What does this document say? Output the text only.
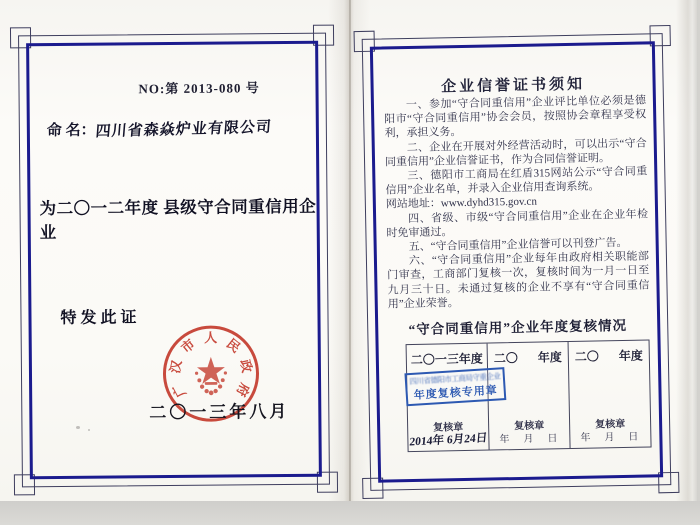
NO:第 2013-080 号
命 名：四川省森焱炉业有限公司
为二〇一二年度 县级守合同重信用企业
特发此证
广
汉
市 人 民
政
府
二〇一三年八月
企业信誉证书须知

一、参加“守合同重信用”企业评比单位必须是德阳市“守合同重信用”协会会员，按照协会章程享受权利，承担义务。

二、企业在开展对外经营活动时，可以出示“守合同重信用”企业信誉证书，作为合同信誉证明。

三、德阳市工商局在红盾315网站公示“守合同重信用”企业名单，并录入企业信用查询系统。

网站地址：www.dyhd315.gov.cn

四、省级、市级“守合同重信用”企业在企业年检时免审通过。

五、“守合同重信用”企业信誉可以刊登广告。

六、“守合同重信用”企业每年由政府相关职能部门审查，工商部门复核一次，复核时间为一月一日至九月三十日。未通过复核的企业不享有“守合同重信用”企业荣誉。

“守合同重信用”企业年度复核情况
二〇一三年度
四川省德阳市工商局守重企业
年度复核专用章
复核章
2014年 6月24日
二〇 年度
复核章
年　月　日
二〇 年度
复核章
年　月　日
